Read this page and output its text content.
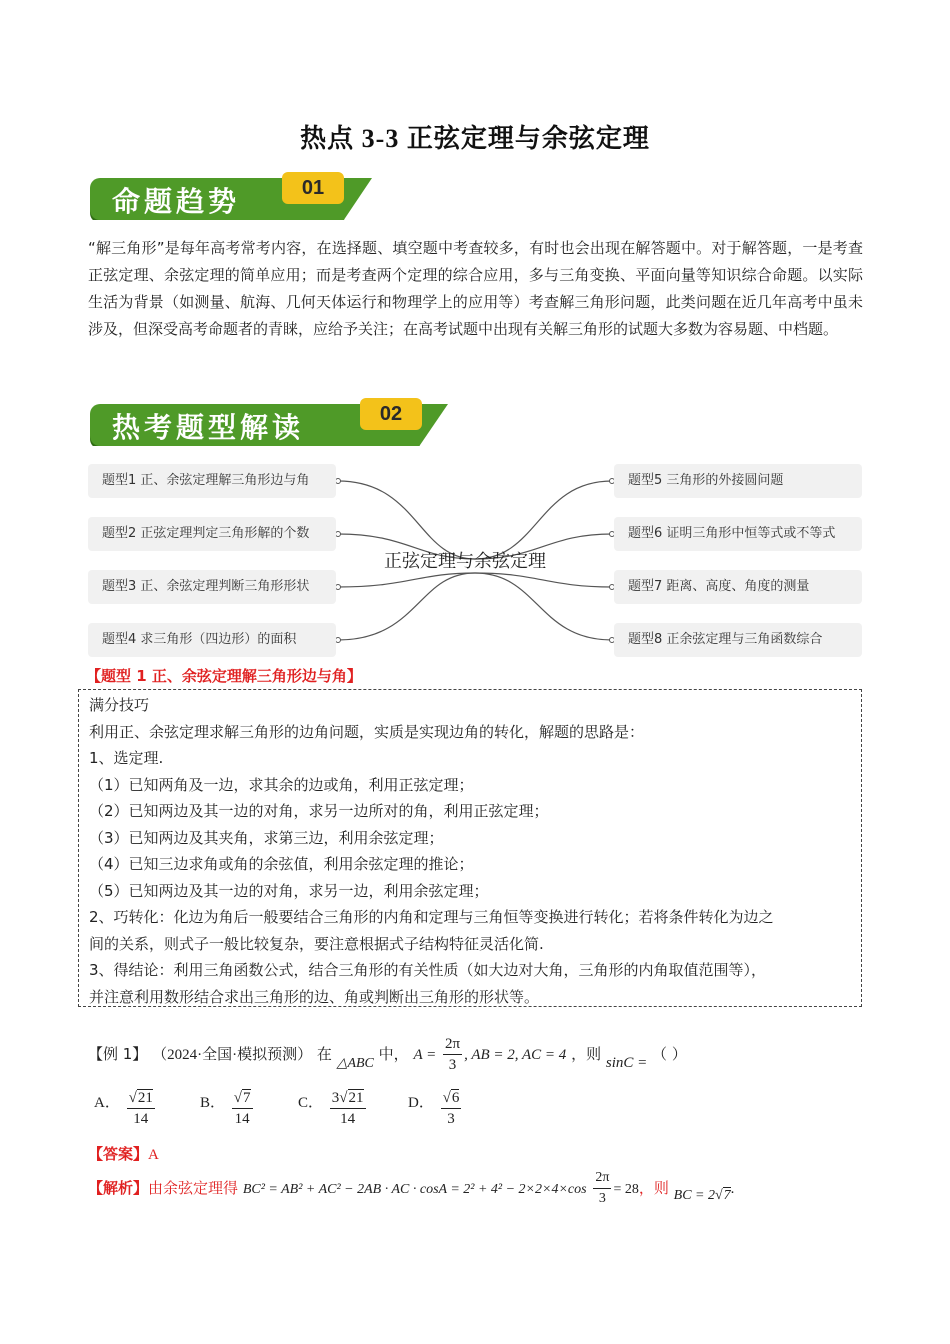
热点 3-3 正弦定理与余弦定理
命题趋势	01
“解三角形”是每年高考常考内容，在选择题、填空题中考查较多，有时也会出现在解答题中。对于解答题，一是考查正弦定理、余弦定理的简单应用；而是考查两个定理的综合应用，多与三角变换、平面向量等知识综合命题。以实际生活为背景（如测量、航海、几何天体运行和物理学上的应用等）考查解三角形问题，此类问题在近几年高考中虽未涉及，但深受高考命题者的青睐，应给予关注；在高考试题中出现有关解三角形的试题大多数为容易题、中档题。
热考题型解读	02
题型1 正、余弦定理解三角形边与角
题型2 正弦定理判定三角形解的个数
题型3 正、余弦定理判断三角形形状
题型4 求三角形（四边形）的面积
题型5 三角形的外接圆问题
题型6 证明三角形中恒等式或不等式
题型7 距离、高度、角度的测量
题型8 正余弦定理与三角函数综合
正弦定理与余弦定理
【题型 1 正、余弦定理解三角形边与角】
满分技巧
利用正、余弦定理求解三角形的边角问题，实质是实现边角的转化，解题的思路是：
1、选定理.
（1）已知两角及一边，求其余的边或角，利用正弦定理；
（2）已知两边及其一边的对角，求另一边所对的角，利用正弦定理；
（3）已知两边及其夹角，求第三边，利用余弦定理；
（4）已知三边求角或角的余弦值，利用余弦定理的推论；
（5）已知两边及其一边的对角，求另一边，利用余弦定理；
2、巧转化：化边为角后一般要结合三角形的内角和定理与三角恒等变换进行转化；若将条件转化为边之
间的关系，则式子一般比较复杂，要注意根据式子结构特征灵活化简.
3、得结论：利用三角函数公式，结合三角形的有关性质（如大边对大角，三角形的内角取值范围等），
并注意利用数形结合求出三角形的边、角或判断出三角形的形状等。
【例 1】 （2024·全国·模拟预测） 在 △ABC 中， $A = \frac{2\pi}{3}$ , AB = 2, AC = 4 ，则 sinC = （ ）
A． $\frac{√21}{14}$	B． $\frac{√7}{14}$	C． $\frac{3√21}{14}$	D． $\frac{√6}{3}$
【答案】A
【解析】由余弦定理得 BC² = AB² + AC² − 2AB · AC · $\cos A = 2^2 + 4^2 - 2\times 2\times 4\times\cos \frac{2\pi}{3} = 28$，则 BC = 2√7.
